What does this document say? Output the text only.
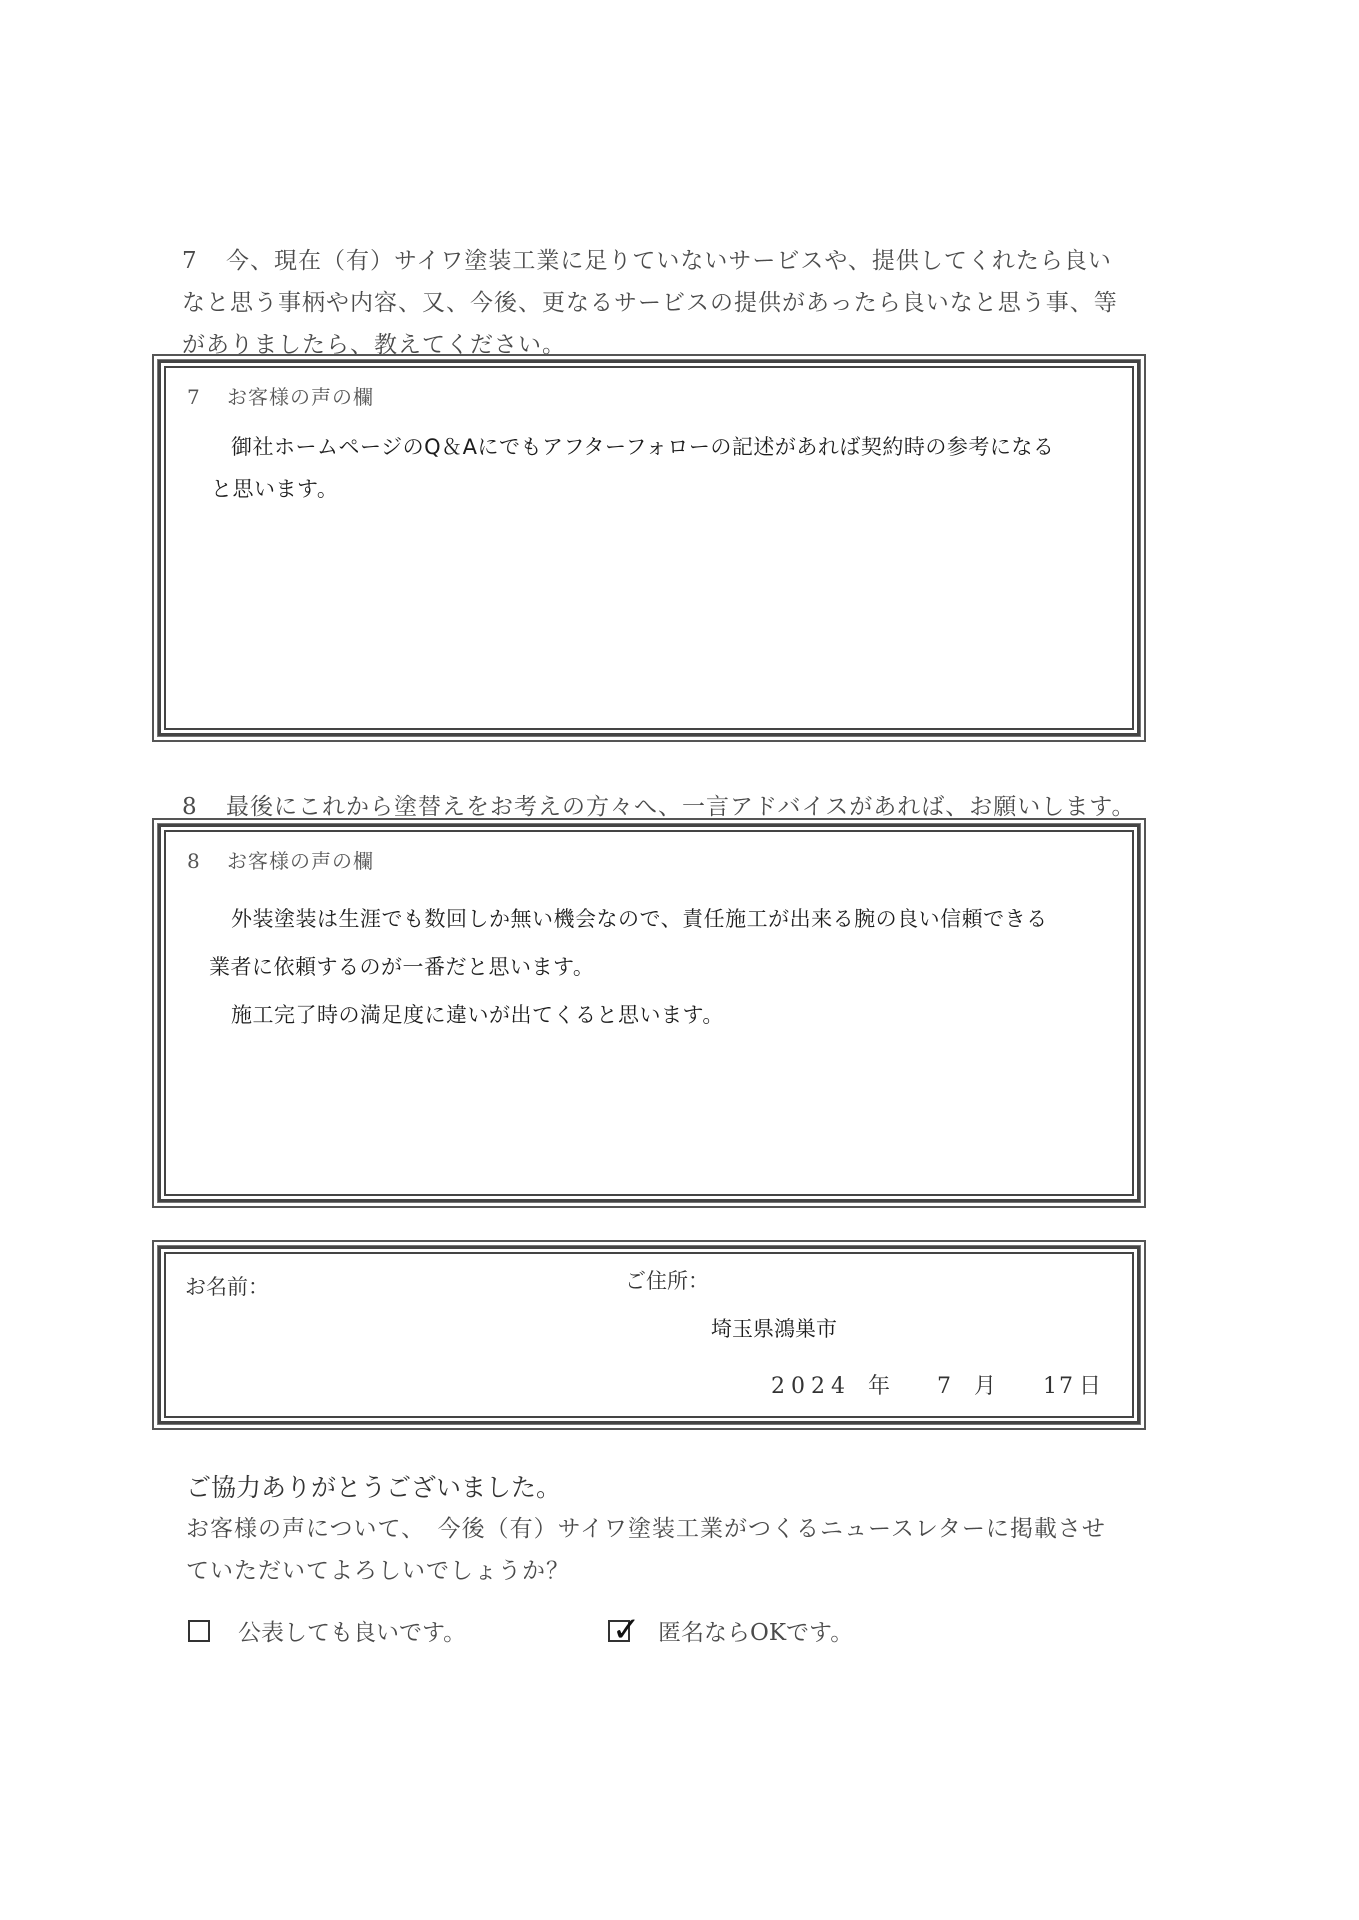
7 今、現在（有）サイワ塗装工業に足りていないサービスや、提供してくれたら良い
なと思う事柄や内容、又、今後、更なるサービスの提供があったら良いなと思う事、等
がありましたら、教えてください。
7 お客様の声の欄
御社ホームページのQ＆Aにでもアフターフォローの記述があれば契約時の参考になる
と思います。
8 最後にこれから塗替えをお考えの方々へ、一言アドバイスがあれば、お願いします。
8 お客様の声の欄
外装塗装は生涯でも数回しか無い機会なので、責任施工が出来る腕の良い信頼できる
業者に依頼するのが一番だと思います。
施工完了時の満足度に違いが出てくると思います。
お名前：	ご住所：
埼玉県鴻巣市
2024 年 7 月 17 日
ご協力ありがとうございました。
お客様の声について、　今後（有）サイワ塗装工業がつくるニュースレターに掲載させ
ていただいてよろしいでしょうか？
公表しても良いです。	✓ 匿名ならOKです。
